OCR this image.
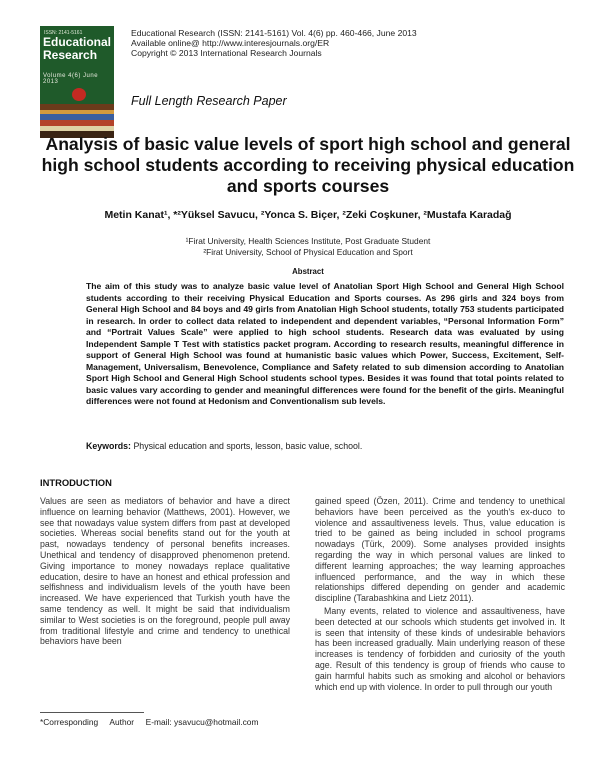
ISSN: 2141-5161
Educational
Research
Volume 4(6) June 2013
Educational Research (ISSN: 2141-5161) Vol. 4(6) pp. 460-466, June 2013
Available online@ http://www.interesjournals.org/ER
Copyright © 2013 International Research Journals
Full Length Research Paper
Analysis of basic value levels of sport high school and general high school students according to receiving physical education and sports courses
Metin Kanat¹, *²Yüksel Savucu, ²Yonca S. Biçer, ²Zeki Coşkuner, ²Mustafa Karadağ
¹Firat University, Health Sciences Institute, Post Graduate Student
²Firat University, School of Physical Education and Sport
Abstract
The aim of this study was to analyze basic value level of Anatolian Sport High School and General High School students according to their receiving Physical Education and Sports courses. As 296 girls and 324 boys from General High School and 84 boys and 49 girls from Anatolian High School students, totally 753 students participated in research. In order to collect data related to independent and dependent variables, “Personal Information Form” and “Portrait Values Scale” were applied to high school students. Research data was evaluated by using Independent Sample T Test with statistics packet program. According to research results, meaningful difference in support of General High School was found at humanistic basic values which Power, Success, Excitement, Self-Management, Universalism, Benevolence, Compliance and Safety related to sub dimension according to Anatolian Sport High School and General High School students school types. Besides it was found that total points related to basic values vary according to gender and meaningful differences were found for the benefit of the girls. Meaningful differences were not found at Hedonism and Conventionalism sub levels.
Keywords: Physical education and sports, lesson, basic value, school.
INTRODUCTION

Values are seen as mediators of behavior and have a direct influence on learning behavior (Matthews, 2001). However, we see that nowadays value system differs from past at developed societies. Whereas social benefits stand out for the youth at past, nowadays tendency of personal benefits increases. Unethical and tendency of disapproved phenomenon pretend. Giving importance to money nowadays replace qualitative education, desire to have an honest and ethical profession and selfishness and individualism levels of the youth have been increased. We have experienced that Turkish youth have the same tendency as well. It might be said that individualism similar to West societies is on the foreground, people pull away from traditional lifestyle and crime and tendency to unethical behaviors have been

gained speed (Özen, 2011). Crime and tendency to unethical behaviors have been perceived as the youth's ex-duco to violence and assaultiveness levels. Thus, value education is tried to be gained as being included in school programs nowadays (Türk, 2009). Some analyses provided insights regarding the way in which personal values are linked to different learning approaches; the way learning approaches influenced performance, and the way in which these relationships differed depending on gender and academic discipline (Tarabashkina and Lietz 2011).

Many events, related to violence and assaultiveness, have been detected at our schools which students get involved in. It is seen that intensity of these kinds of undesirable behaviors has been increased gradually. Main underlying reason of these increases is tendency of forbidden and curiosity of the youth age. Result of this tendency is group of friends who cause to gain harmful habits such as smoking and alcohol or behaviors which end up with violence. In order to pull through our youth

*Corresponding     Author     E-mail: ysavucu@hotmail.com
